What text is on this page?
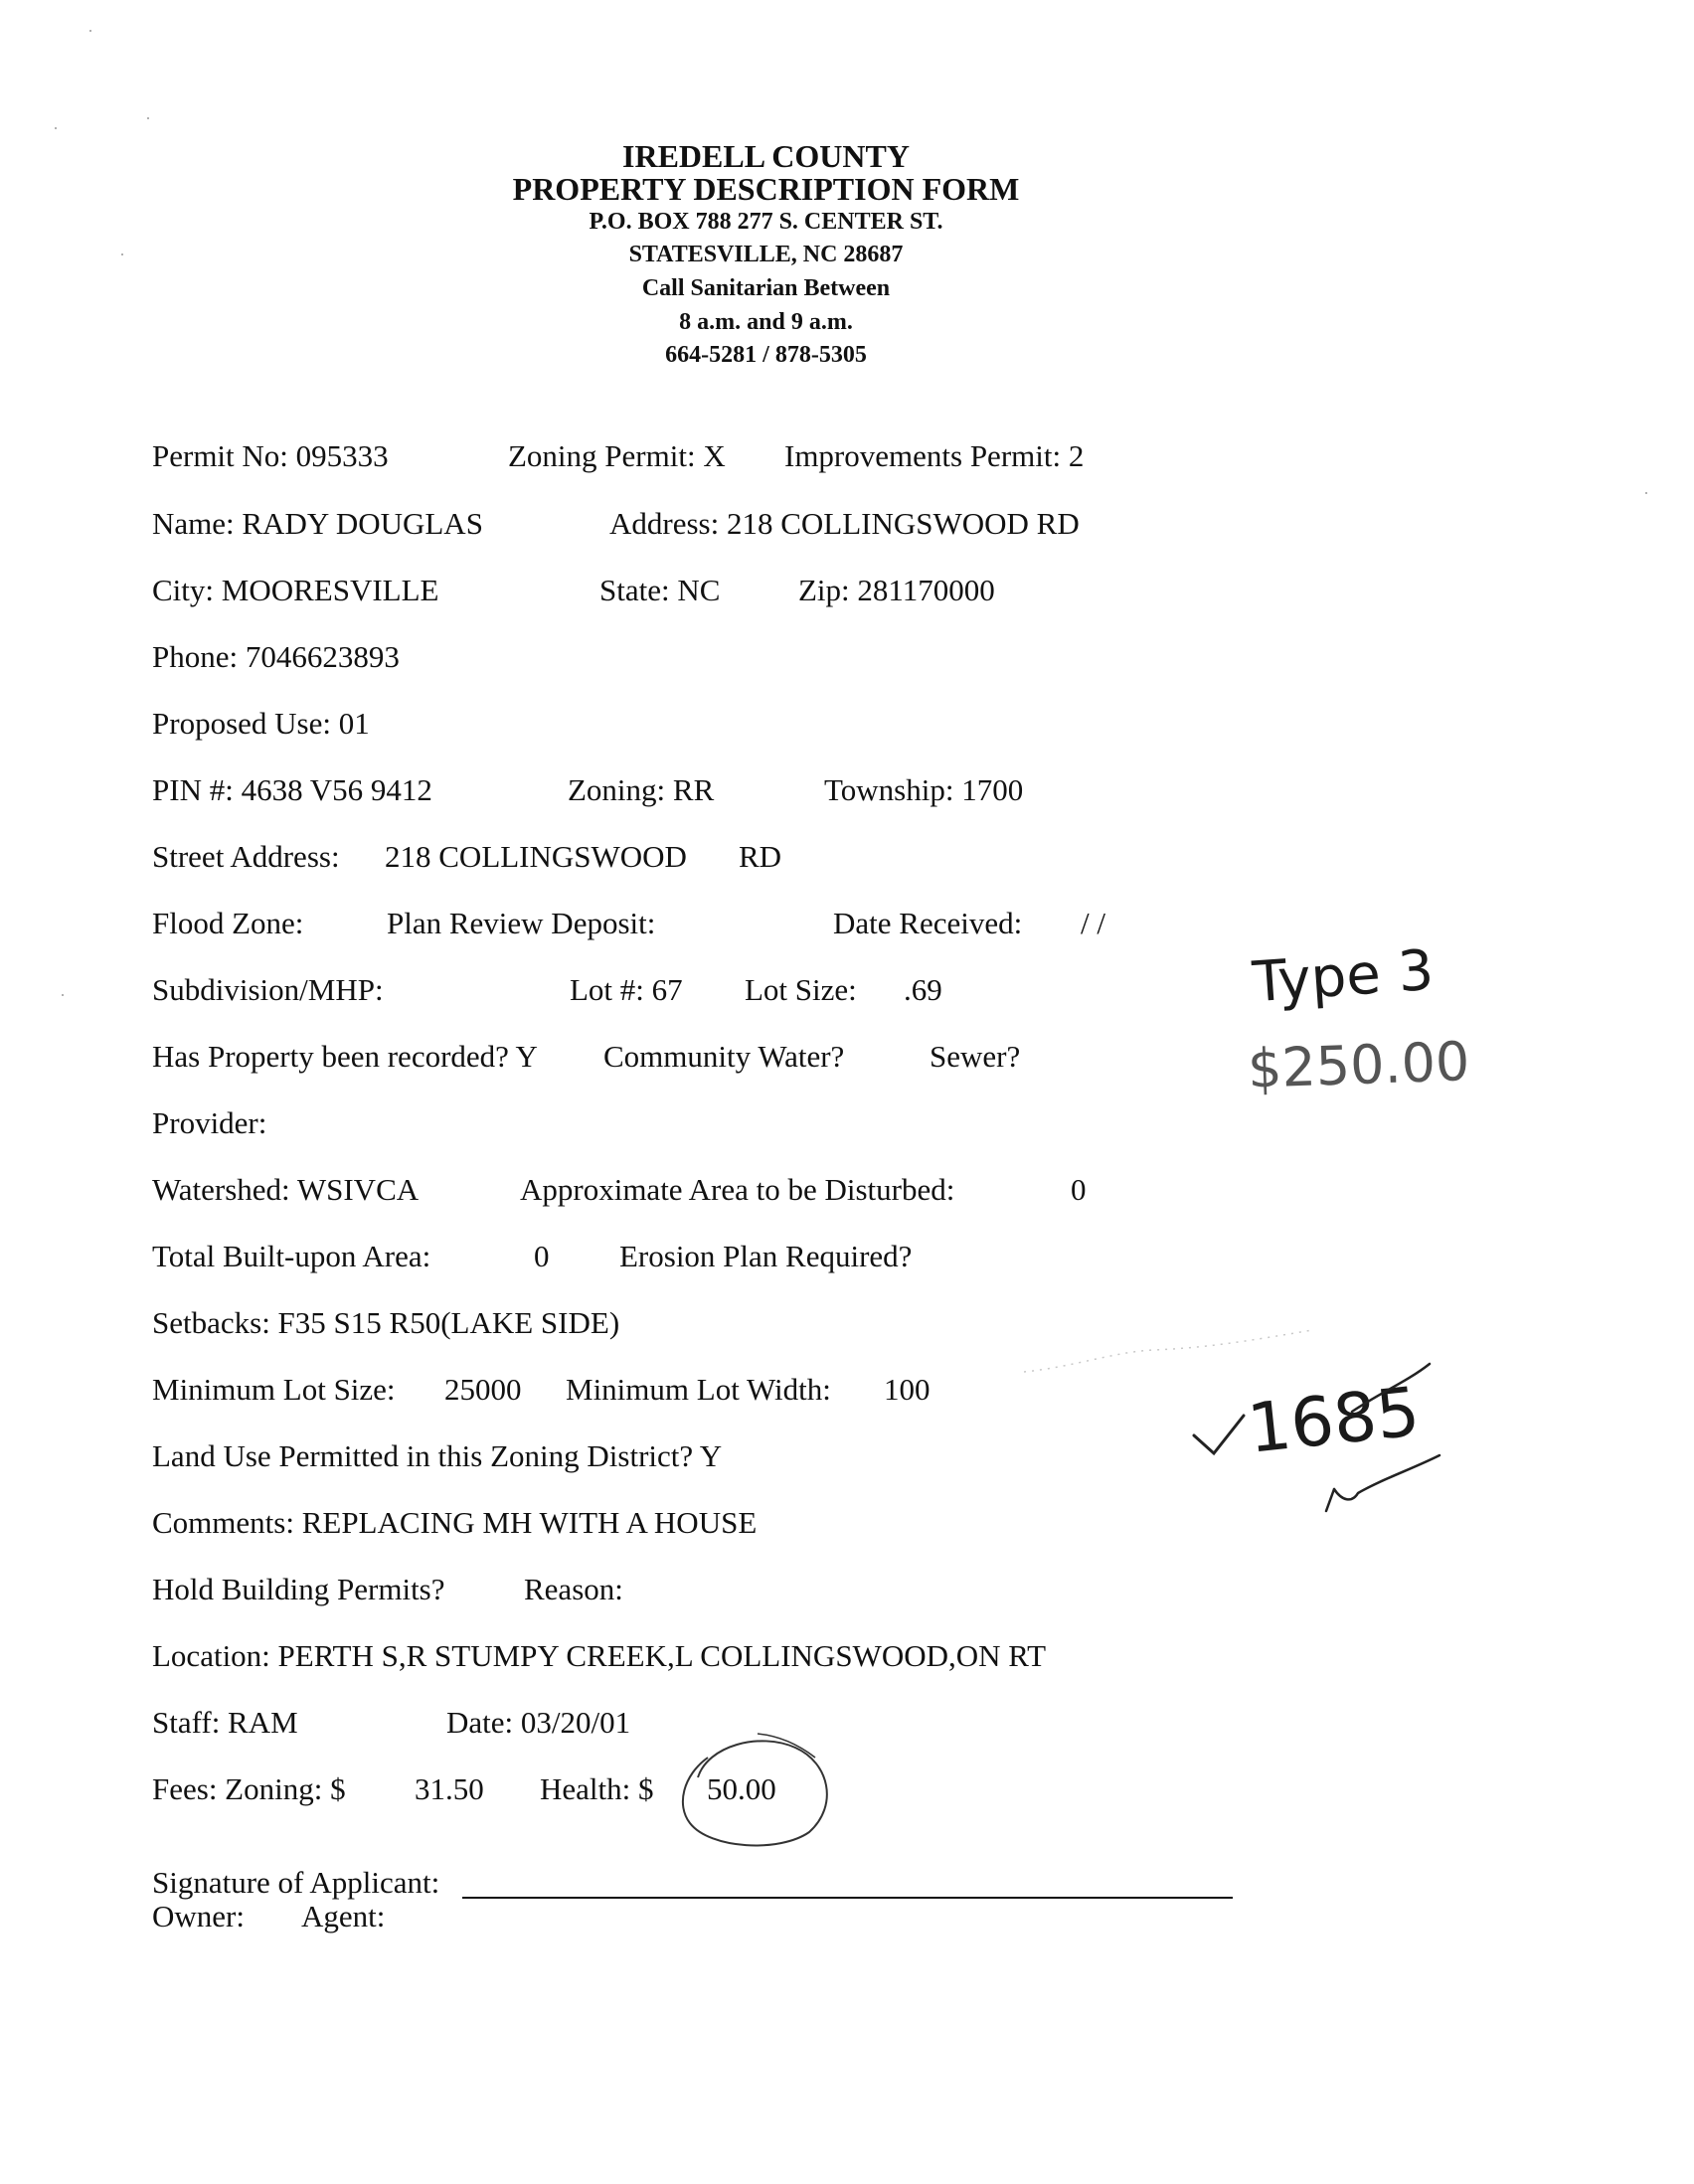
IREDELL COUNTY
PROPERTY DESCRIPTION FORM
P.O. BOX 788 277 S. CENTER ST.
STATESVILLE, NC 28687
Call Sanitarian Between
8 a.m. and 9 a.m.
664-5281 / 878-5305
Permit No: 095333	Zoning Permit: X Improvements Permit: 2
Name: RADY DOUGLAS	Address: 218 COLLINGSWOOD RD
City: MOORESVILLE	State: NC	Zip: 281170000
Phone: 7046623893
Proposed Use: 01
PIN #: 4638 V56 9412	Zoning: RR	Township: 1700
Street Address: 218 COLLINGSWOOD RD
Flood Zone:	Plan Review Deposit:	Date Received: / /
Subdivision/MHP:	Lot #: 67 Lot Size: .69
Has Property been recorded? Y Community Water?	Sewer?
Provider:
Watershed: WSIVCA	Approximate Area to be Disturbed:	0
Total Built-upon Area:	0 Erosion Plan Required?
Setbacks: F35 S15 R50(LAKE SIDE)
Minimum Lot Size: 25000 Minimum Lot Width: 100
Land Use Permitted in this Zoning District? Y
Comments: REPLACING MH WITH A HOUSE
Hold Building Permits?	Reason:
Location: PERTH S,R STUMPY CREEK,L COLLINGSWOOD,ON RT
Staff: RAM	Date: 03/20/01
Fees: Zoning: $ 31.50 Health: $ 50.00
Signature of Applicant:
Owner: Agent:
Type 3
$250.00
1685
